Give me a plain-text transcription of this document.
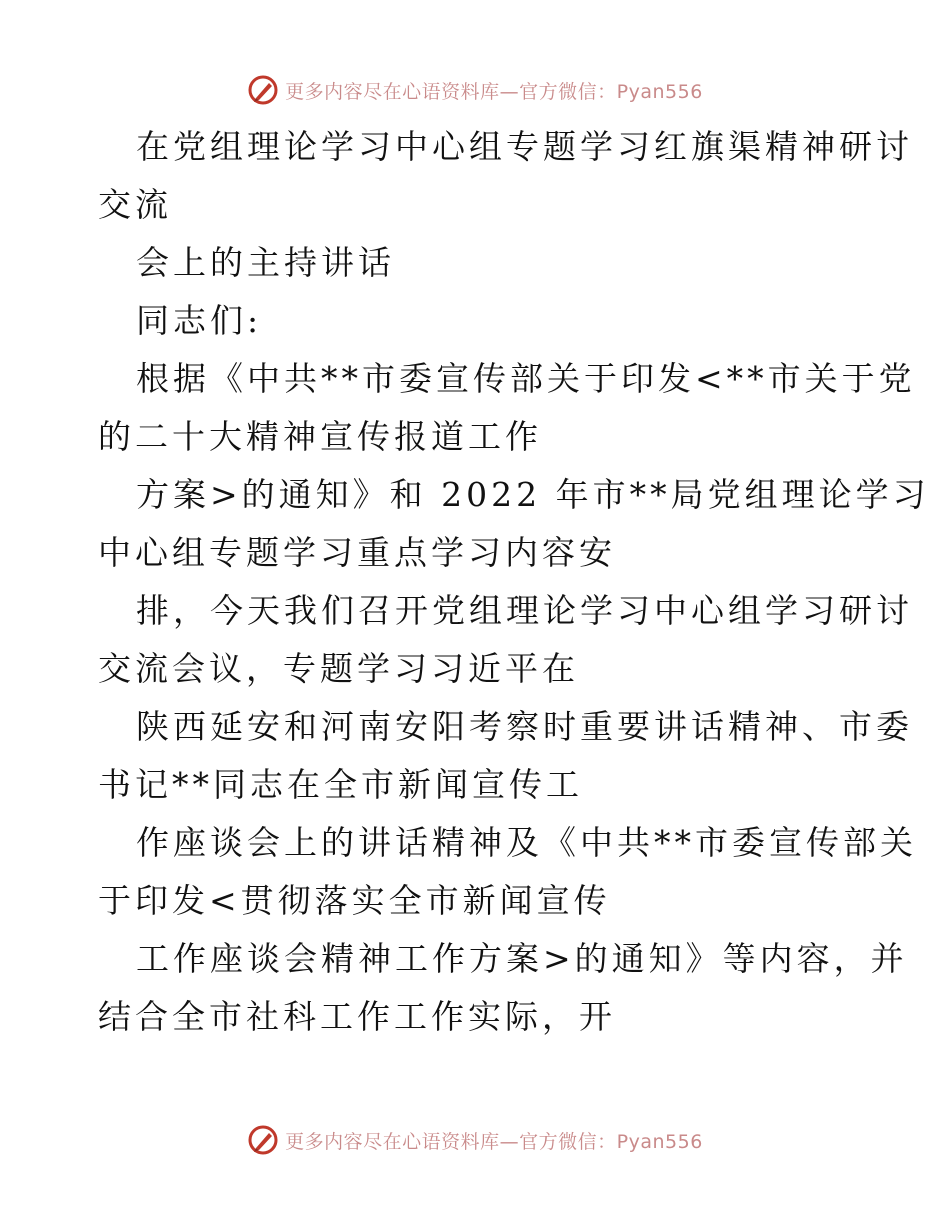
更多内容尽在心语资料库—官方微信：Pyan556
在党组理论学习中心组专题学习红旗渠精神研讨
交流
会上的主持讲话
同志们:
根据《中共**市委宣传部关于印发<**市关于党
的二十大精神宣传报道工作
方案>的通知》和 2022 年市**局党组理论学习
中心组专题学习重点学习内容安
排，今天我们召开党组理论学习中心组学习研讨
交流会议，专题学习习近平在
陕西延安和河南安阳考察时重要讲话精神、市委
书记**同志在全市新闻宣传工
作座谈会上的讲话精神及《中共**市委宣传部关
于印发<贯彻落实全市新闻宣传
工作座谈会精神工作方案>的通知》等内容，并
结合全市社科工作工作实际，开
更多内容尽在心语资料库—官方微信：Pyan556
